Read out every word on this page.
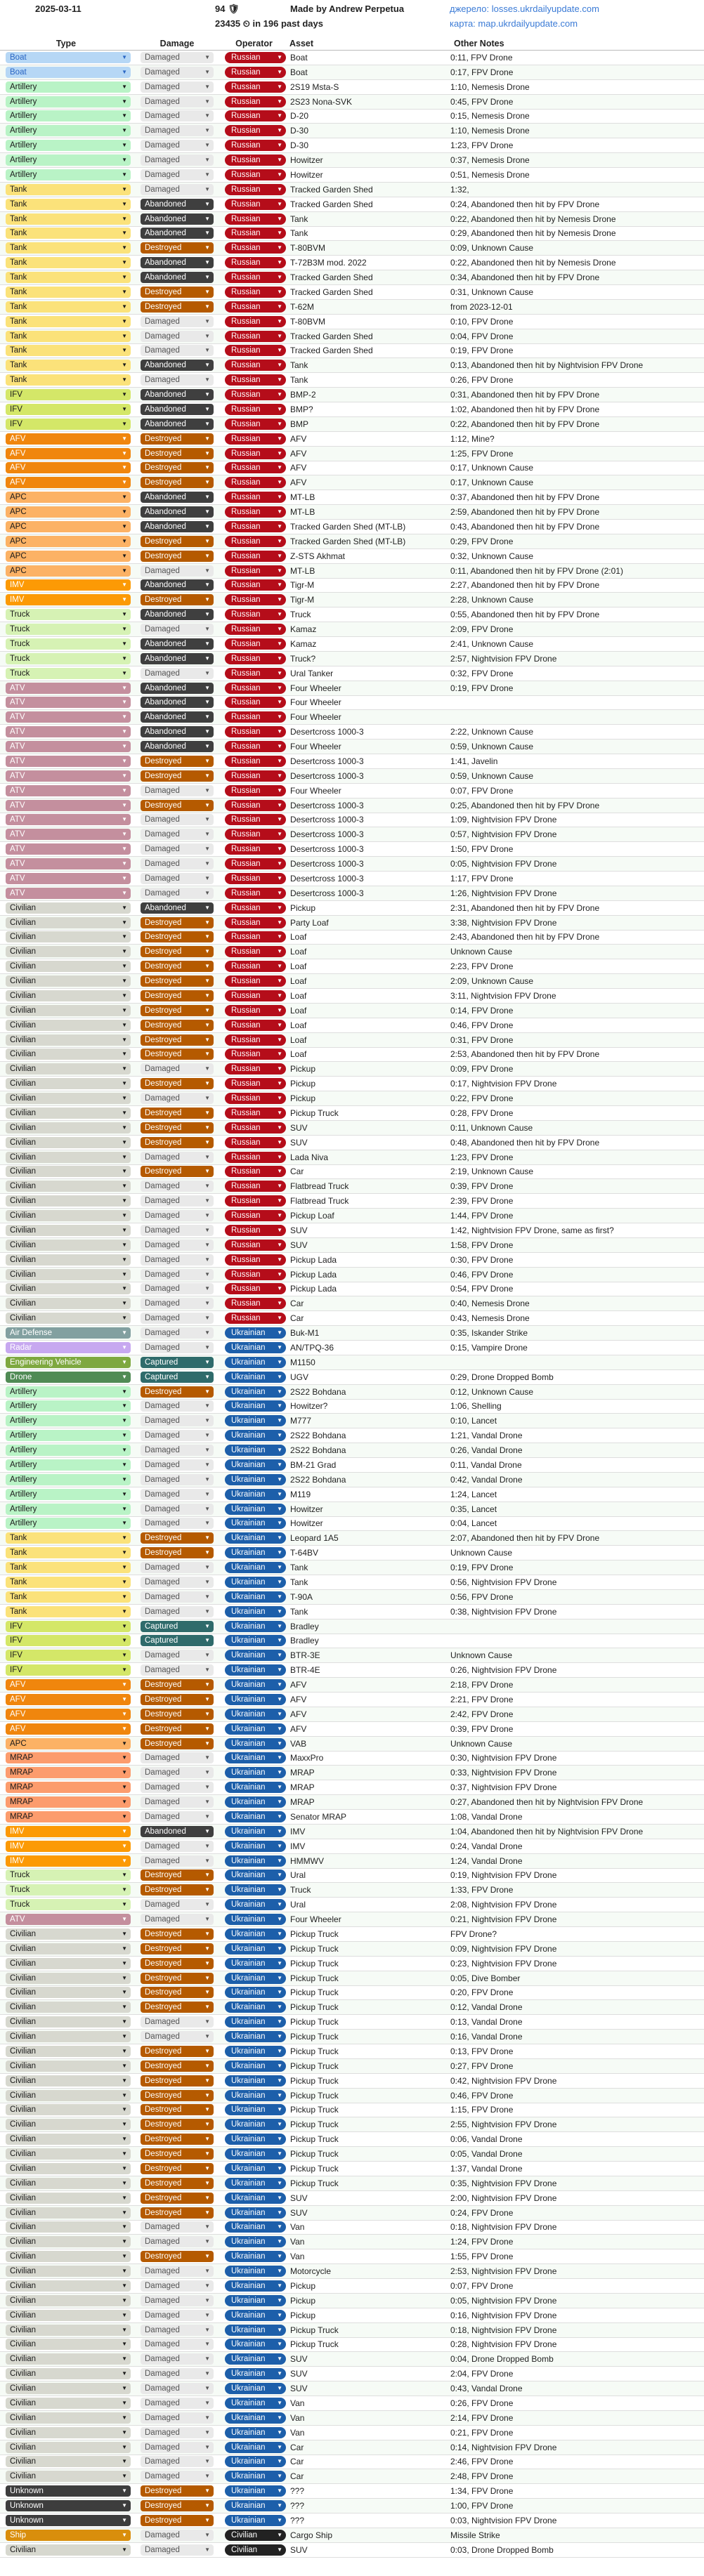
2025-03-11	94 🛡	Made by Andrew Perpetua
23435 ⏲ in 196 past days
джерело: losses.ukrdailyupdate.com
карта: map.ukrdailyupdate.com
Type	Damage	Operator	Asset	Other Notes
Boat	▼	Damaged	▼	Russian	▼ Boat	0:11, FPV Drone
Boat	▼	Damaged	▼	Russian	▼ Boat	0:17, FPV Drone
Artillery	▼	Damaged	▼	Russian	▼ 2S19 Msta-S	1:10, Nemesis Drone
Artillery	▼	Damaged	▼	Russian	▼ 2S23 Nona-SVK	0:45, FPV Drone
Artillery	▼	Damaged	▼	Russian	▼ D-20	0:15, Nemesis Drone
Artillery	▼	Damaged	▼	Russian	▼ D-30	1:10, Nemesis Drone
Artillery	▼	Damaged	▼	Russian	▼ D-30	1:23, FPV Drone
Artillery	▼	Damaged	▼	Russian	▼ Howitzer	0:37, Nemesis Drone
Artillery	▼	Damaged	▼	Russian	▼ Howitzer	0:51, Nemesis Drone
Tank	▼	Damaged	▼	Russian	▼ Tracked Garden Shed	1:32,
Tank	▼	Abandoned	▼	Russian	▼ Tracked Garden Shed	0:24, Abandoned then hit by FPV Drone
Tank	▼	Abandoned	▼	Russian	▼ Tank	0:22, Abandoned then hit by Nemesis Drone
Tank	▼	Abandoned	▼	Russian	▼ Tank	0:29, Abandoned then hit by Nemesis Drone
Tank	▼	Destroyed	▼	Russian	▼ T-80BVM	0:09, Unknown Cause
Tank	▼	Abandoned	▼	Russian	▼ T-72B3M mod. 2022	0:22, Abandoned then hit by Nemesis Drone
Tank	▼	Abandoned	▼	Russian	▼ Tracked Garden Shed	0:34, Abandoned then hit by FPV Drone
Tank	▼	Destroyed	▼	Russian	▼ Tracked Garden Shed	0:31, Unknown Cause
Tank	▼	Destroyed	▼	Russian	▼ T-62M	from 2023-12-01
Tank	▼	Damaged	▼	Russian	▼ T-80BVM	0:10, FPV Drone
Tank	▼	Damaged	▼	Russian	▼ Tracked Garden Shed	0:04, FPV Drone
Tank	▼	Damaged	▼	Russian	▼ Tracked Garden Shed	0:19, FPV Drone
Tank	▼	Abandoned	▼	Russian	▼ Tank	0:13, Abandoned then hit by Nightvision FPV Drone
Tank	▼	Damaged	▼	Russian	▼ Tank	0:26, FPV Drone
IFV	▼	Abandoned	▼	Russian	▼ BMP-2	0:31, Abandoned then hit by FPV Drone
IFV	▼	Abandoned	▼	Russian	▼ BMP?	1:02, Abandoned then hit by FPV Drone
IFV	▼	Abandoned	▼	Russian	▼ BMP	0:22, Abandoned then hit by FPV Drone
AFV	▼	Destroyed	▼	Russian	▼ AFV	1:12, Mine?
AFV	▼	Destroyed	▼	Russian	▼ AFV	1:25, FPV Drone
AFV	▼	Destroyed	▼	Russian	▼ AFV	0:17, Unknown Cause
AFV	▼	Destroyed	▼	Russian	▼ AFV	0:17, Unknown Cause
APC	▼	Abandoned	▼	Russian	▼ MT-LB	0:37, Abandoned then hit by FPV Drone
APC	▼	Abandoned	▼	Russian	▼ MT-LB	2:59, Abandoned then hit by FPV Drone
APC	▼	Abandoned	▼	Russian	▼ Tracked Garden Shed (MT-LB)	0:43, Abandoned then hit by FPV Drone
APC	▼	Destroyed	▼	Russian	▼ Tracked Garden Shed (MT-LB)	0:29, FPV Drone
APC	▼	Destroyed	▼	Russian	▼ Z-STS Akhmat	0:32, Unknown Cause
APC	▼	Damaged	▼	Russian	▼ MT-LB	0:11, Abandoned then hit by FPV Drone (2:01)
IMV	▼	Abandoned	▼	Russian	▼ Tigr-M	2:27, Abandoned then hit by FPV Drone
IMV	▼	Destroyed	▼	Russian	▼ Tigr-M	2:28, Unknown Cause
Truck	▼	Abandoned	▼	Russian	▼ Truck	0:55, Abandoned then hit by FPV Drone
Truck	▼	Damaged	▼	Russian	▼ Kamaz	2:09, FPV Drone
Truck	▼	Abandoned	▼	Russian	▼ Kamaz	2:41, Unknown Cause
Truck	▼	Abandoned	▼	Russian	▼ Truck?	2:57, Nightvision FPV Drone
Truck	▼	Damaged	▼	Russian	▼ Ural Tanker	0:32, FPV Drone
ATV	▼	Abandoned	▼	Russian	▼ Four Wheeler	0:19, FPV Drone
ATV	▼	Abandoned	▼	Russian	▼ Four Wheeler
ATV	▼	Abandoned	▼	Russian	▼ Four Wheeler
ATV	▼	Abandoned	▼	Russian	▼ Desertcross 1000-3	2:22, Unknown Cause
ATV	▼	Abandoned	▼	Russian	▼ Four Wheeler	0:59, Unknown Cause
ATV	▼	Destroyed	▼	Russian	▼ Desertcross 1000-3	1:41, Javelin
ATV	▼	Destroyed	▼	Russian	▼ Desertcross 1000-3	0:59, Unknown Cause
ATV	▼	Damaged	▼	Russian	▼ Four Wheeler	0:07, FPV Drone
ATV	▼	Destroyed	▼	Russian	▼ Desertcross 1000-3	0:25, Abandoned then hit by FPV Drone
ATV	▼	Damaged	▼	Russian	▼ Desertcross 1000-3	1:09, Nightvision FPV Drone
ATV	▼	Damaged	▼	Russian	▼ Desertcross 1000-3	0:57, Nightvision FPV Drone
ATV	▼	Damaged	▼	Russian	▼ Desertcross 1000-3	1:50, FPV Drone
ATV	▼	Damaged	▼	Russian	▼ Desertcross 1000-3	0:05, Nightvision FPV Drone
ATV	▼	Damaged	▼	Russian	▼ Desertcross 1000-3	1:17, FPV Drone
ATV	▼	Damaged	▼	Russian	▼ Desertcross 1000-3	1:26, Nightvision FPV Drone
Civilian	▼	Abandoned	▼	Russian	▼ Pickup	2:31, Abandoned then hit by FPV Drone
Civilian	▼	Destroyed	▼	Russian	▼ Party Loaf	3:38, Nightvision FPV Drone
Civilian	▼	Destroyed	▼	Russian	▼ Loaf	2:43, Abandoned then hit by FPV Drone
Civilian	▼	Destroyed	▼	Russian	▼ Loaf	Unknown Cause
Civilian	▼	Destroyed	▼	Russian	▼ Loaf	2:23, FPV Drone
Civilian	▼	Destroyed	▼	Russian	▼ Loaf	2:09, Unknown Cause
Civilian	▼	Destroyed	▼	Russian	▼ Loaf	3:11, Nightvision FPV Drone
Civilian	▼	Destroyed	▼	Russian	▼ Loaf	0:14, FPV Drone
Civilian	▼	Destroyed	▼	Russian	▼ Loaf	0:46, FPV Drone
Civilian	▼	Destroyed	▼	Russian	▼ Loaf	0:31, FPV Drone
Civilian	▼	Destroyed	▼	Russian	▼ Loaf	2:53, Abandoned then hit by FPV Drone
Civilian	▼	Damaged	▼	Russian	▼ Pickup	0:09, FPV Drone
Civilian	▼	Destroyed	▼	Russian	▼ Pickup	0:17, Nightvision FPV Drone
Civilian	▼	Damaged	▼	Russian	▼ Pickup	0:22, FPV Drone
Civilian	▼	Destroyed	▼	Russian	▼ Pickup Truck	0:28, FPV Drone
Civilian	▼	Destroyed	▼	Russian	▼ SUV	0:11, Unknown Cause
Civilian	▼	Destroyed	▼	Russian	▼ SUV	0:48, Abandoned then hit by FPV Drone
Civilian	▼	Damaged	▼	Russian	▼ Lada Niva	1:23, FPV Drone
Civilian	▼	Destroyed	▼	Russian	▼ Car	2:19, Unknown Cause
Civilian	▼	Damaged	▼	Russian	▼ Flatbread Truck	0:39, FPV Drone
Civilian	▼	Damaged	▼	Russian	▼ Flatbread Truck	2:39, FPV Drone
Civilian	▼	Damaged	▼	Russian	▼ Pickup Loaf	1:44, FPV Drone
Civilian	▼	Damaged	▼	Russian	▼ SUV	1:42, Nightvision FPV Drone, same as first?
Civilian	▼	Damaged	▼	Russian	▼ SUV	1:58, FPV Drone
Civilian	▼	Damaged	▼	Russian	▼ Pickup Lada	0:30, FPV Drone
Civilian	▼	Damaged	▼	Russian	▼ Pickup Lada	0:46, FPV Drone
Civilian	▼	Damaged	▼	Russian	▼ Pickup Lada	0:54, FPV Drone
Civilian	▼	Damaged	▼	Russian	▼ Car	0:40, Nemesis Drone
Civilian	▼	Damaged	▼	Russian	▼ Car	0:43, Nemesis Drone
Air Defense	▼	Damaged	▼	Ukrainian ▼ Buk-M1	0:35, Iskander Strike
Radar	▼	Damaged	▼	Ukrainian ▼ AN/TPQ-36	0:15, Vampire Drone
Engineering Vehicle	▼	Captured	▼	Ukrainian ▼ M1150
Drone	▼	Captured	▼	Ukrainian ▼ UGV	0:29, Drone Dropped Bomb
Artillery	▼	Destroyed	▼	Ukrainian ▼ 2S22 Bohdana	0:12, Unknown Cause
Artillery	▼	Damaged	▼	Ukrainian ▼ Howitzer?	1:06, Shelling
Artillery	▼	Damaged	▼	Ukrainian ▼ M777	0:10, Lancet
Artillery	▼	Damaged	▼	Ukrainian ▼ 2S22 Bohdana	1:21, Vandal Drone
Artillery	▼	Damaged	▼	Ukrainian ▼ 2S22 Bohdana	0:26, Vandal Drone
Artillery	▼	Damaged	▼	Ukrainian ▼ BM-21 Grad	0:11, Vandal Drone
Artillery	▼	Damaged	▼	Ukrainian ▼ 2S22 Bohdana	0:42, Vandal Drone
Artillery	▼	Damaged	▼	Ukrainian ▼ M119	1:24, Lancet
Artillery	▼	Damaged	▼	Ukrainian ▼ Howitzer	0:35, Lancet
Artillery	▼	Damaged	▼	Ukrainian ▼ Howitzer	0:04, Lancet
Tank	▼	Destroyed	▼	Ukrainian ▼ Leopard 1A5	2:07, Abandoned then hit by FPV Drone
Tank	▼	Destroyed	▼	Ukrainian ▼ T-64BV	Unknown Cause
Tank	▼	Damaged	▼	Ukrainian ▼ Tank	0:19, FPV Drone
Tank	▼	Damaged	▼	Ukrainian ▼ Tank	0:56, Nightvision FPV Drone
Tank	▼	Damaged	▼	Ukrainian ▼ T-90A	0:56, FPV Drone
Tank	▼	Damaged	▼	Ukrainian ▼ Tank	0:38, Nightvision FPV Drone
IFV	▼	Captured	▼	Ukrainian ▼ Bradley
IFV	▼	Captured	▼	Ukrainian ▼ Bradley
IFV	▼	Damaged	▼	Ukrainian ▼ BTR-3E	Unknown Cause
IFV	▼	Damaged	▼	Ukrainian ▼ BTR-4E	0:26, Nightvision FPV Drone
AFV	▼	Destroyed	▼	Ukrainian ▼ AFV	2:18, FPV Drone
AFV	▼	Destroyed	▼	Ukrainian ▼ AFV	2:21, FPV Drone
AFV	▼	Destroyed	▼	Ukrainian ▼ AFV	2:42, FPV Drone
AFV	▼	Destroyed	▼	Ukrainian ▼ AFV	0:39, FPV Drone
APC	▼	Destroyed	▼	Ukrainian ▼ VAB	Unknown Cause
MRAP	▼	Damaged	▼	Ukrainian ▼ MaxxPro	0:30, Nightvision FPV Drone
MRAP	▼	Damaged	▼	Ukrainian ▼ MRAP	0:33, Nightvision FPV Drone
MRAP	▼	Damaged	▼	Ukrainian ▼ MRAP	0:37, Nightvision FPV Drone
MRAP	▼	Damaged	▼	Ukrainian ▼ MRAP	0:27, Abandoned then hit by Nightvision FPV Drone
MRAP	▼	Damaged	▼	Ukrainian ▼ Senator MRAP	1:08, Vandal Drone
IMV	▼	Abandoned	▼	Ukrainian ▼ IMV	1:04, Abandoned then hit by Nightvision FPV Drone
IMV	▼	Damaged	▼	Ukrainian ▼ IMV	0:24, Vandal Drone
IMV	▼	Damaged	▼	Ukrainian ▼ HMMWV	1:24, Vandal Drone
Truck	▼	Destroyed	▼	Ukrainian ▼ Ural	0:19, Nightvision FPV Drone
Truck	▼	Destroyed	▼	Ukrainian ▼ Truck	1:33, FPV Drone
Truck	▼	Damaged	▼	Ukrainian ▼ Ural	2:08, Nightvision FPV Drone
ATV	▼	Damaged	▼	Ukrainian ▼ Four Wheeler	0:21, Nightvision FPV Drone
Civilian	▼	Destroyed	▼	Ukrainian ▼ Pickup Truck	FPV Drone?
Civilian	▼	Destroyed	▼	Ukrainian ▼ Pickup Truck	0:09, Nightvision FPV Drone
Civilian	▼	Destroyed	▼	Ukrainian ▼ Pickup Truck	0:23, Nightvision FPV Drone
Civilian	▼	Destroyed	▼	Ukrainian ▼ Pickup Truck	0:05, Dive Bomber
Civilian	▼	Destroyed	▼	Ukrainian ▼ Pickup Truck	0:20, FPV Drone
Civilian	▼	Destroyed	▼	Ukrainian ▼ Pickup Truck	0:12, Vandal Drone
Civilian	▼	Damaged	▼	Ukrainian ▼ Pickup Truck	0:13, Vandal Drone
Civilian	▼	Damaged	▼	Ukrainian ▼ Pickup Truck	0:16, Vandal Drone
Civilian	▼	Destroyed	▼	Ukrainian ▼ Pickup Truck	0:13, FPV Drone
Civilian	▼	Destroyed	▼	Ukrainian ▼ Pickup Truck	0:27, FPV Drone
Civilian	▼	Destroyed	▼	Ukrainian ▼ Pickup Truck	0:42, Nightvision FPV Drone
Civilian	▼	Destroyed	▼	Ukrainian ▼ Pickup Truck	0:46, FPV Drone
Civilian	▼	Destroyed	▼	Ukrainian ▼ Pickup Truck	1:15, FPV Drone
Civilian	▼	Destroyed	▼	Ukrainian ▼ Pickup Truck	2:55, Nightvision FPV Drone
Civilian	▼	Destroyed	▼	Ukrainian ▼ Pickup Truck	0:06, Vandal Drone
Civilian	▼	Destroyed	▼	Ukrainian ▼ Pickup Truck	0:05, Vandal Drone
Civilian	▼	Destroyed	▼	Ukrainian ▼ Pickup Truck	1:37, Vandal Drone
Civilian	▼	Destroyed	▼	Ukrainian ▼ Pickup Truck	0:35, Nightvision FPV Drone
Civilian	▼	Destroyed	▼	Ukrainian ▼ SUV	2:00, Nightvision FPV Drone
Civilian	▼	Destroyed	▼	Ukrainian ▼ SUV	0:24, FPV Drone
Civilian	▼	Damaged	▼	Ukrainian ▼ Van	0:18, Nightvision FPV Drone
Civilian	▼	Damaged	▼	Ukrainian ▼ Van	1:24, FPV Drone
Civilian	▼	Destroyed	▼	Ukrainian ▼ Van	1:55, FPV Drone
Civilian	▼	Damaged	▼	Ukrainian ▼ Motorcycle	2:53, Nightvision FPV Drone
Civilian	▼	Damaged	▼	Ukrainian ▼ Pickup	0:07, FPV Drone
Civilian	▼	Damaged	▼	Ukrainian ▼ Pickup	0:05, Nightvision FPV Drone
Civilian	▼	Damaged	▼	Ukrainian ▼ Pickup	0:16, Nightvision FPV Drone
Civilian	▼	Damaged	▼	Ukrainian ▼ Pickup Truck	0:18, Nightvision FPV Drone
Civilian	▼	Damaged	▼	Ukrainian ▼ Pickup Truck	0:28, Nightvision FPV Drone
Civilian	▼	Damaged	▼	Ukrainian ▼ SUV	0:04, Drone Dropped Bomb
Civilian	▼	Damaged	▼	Ukrainian ▼ SUV	2:04, FPV Drone
Civilian	▼	Damaged	▼	Ukrainian ▼ SUV	0:43, Vandal Drone
Civilian	▼	Damaged	▼	Ukrainian ▼ Van	0:26, FPV Drone
Civilian	▼	Damaged	▼	Ukrainian ▼ Van	2:14, FPV Drone
Civilian	▼	Damaged	▼	Ukrainian ▼ Van	0:21, FPV Drone
Civilian	▼	Damaged	▼	Ukrainian ▼ Car	0:14, Nightvision FPV Drone
Civilian	▼	Damaged	▼	Ukrainian ▼ Car	2:46, FPV Drone
Civilian	▼	Damaged	▼	Ukrainian ▼ Car	2:48, FPV Drone
Unknown	▼	Destroyed	▼	Ukrainian ▼ ???	1:34, FPV Drone
Unknown	▼	Destroyed	▼	Ukrainian ▼ ???	1:00, FPV Drone
Unknown	▼	Destroyed	▼	Ukrainian ▼ ???	0:03, Nightvision FPV Drone
Ship	▼	Damaged	▼	Civilian	▼ Cargo Ship	Missile Strike
Civilian	▼	Damaged	▼	Civilian	▼ SUV	0:03, Drone Dropped Bomb
